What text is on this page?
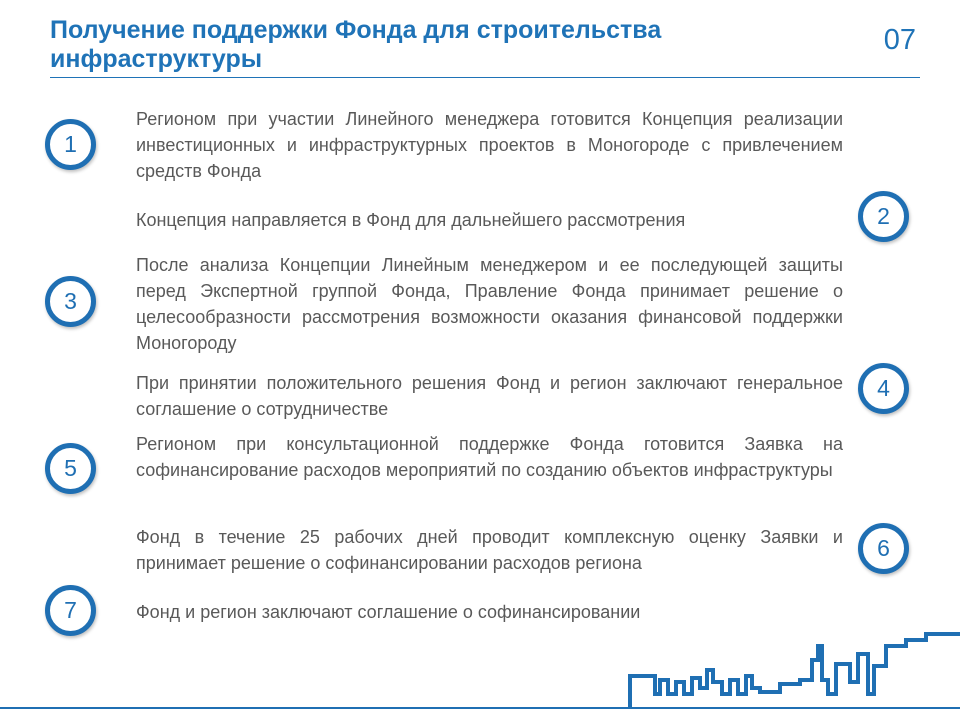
Получение поддержки Фонда для строительства инфраструктуры
07
1
Регионом при участии Линейного менеджера готовится Концепция реализации инвестиционных и инфраструктурных проектов в Моногороде с привлечением средств Фонда
2
Концепция направляется в Фонд для дальнейшего рассмотрения
3
После анализа Концепции Линейным менеджером и ее последующей защиты перед Экспертной группой Фонда, Правление Фонда принимает решение о целесообразности рассмотрения возможности оказания финансовой поддержки Моногороду
4
При принятии положительного решения Фонд и регион заключают генеральное соглашение о сотрудничестве
5
Регионом при консультационной поддержке Фонда готовится Заявка на софинансирование расходов мероприятий по созданию объектов инфраструктуры
6
Фонд в течение 25 рабочих дней проводит комплексную оценку Заявки и принимает решение о софинансировании расходов региона
7	Фонд и регион заключают соглашение о софинансировании
